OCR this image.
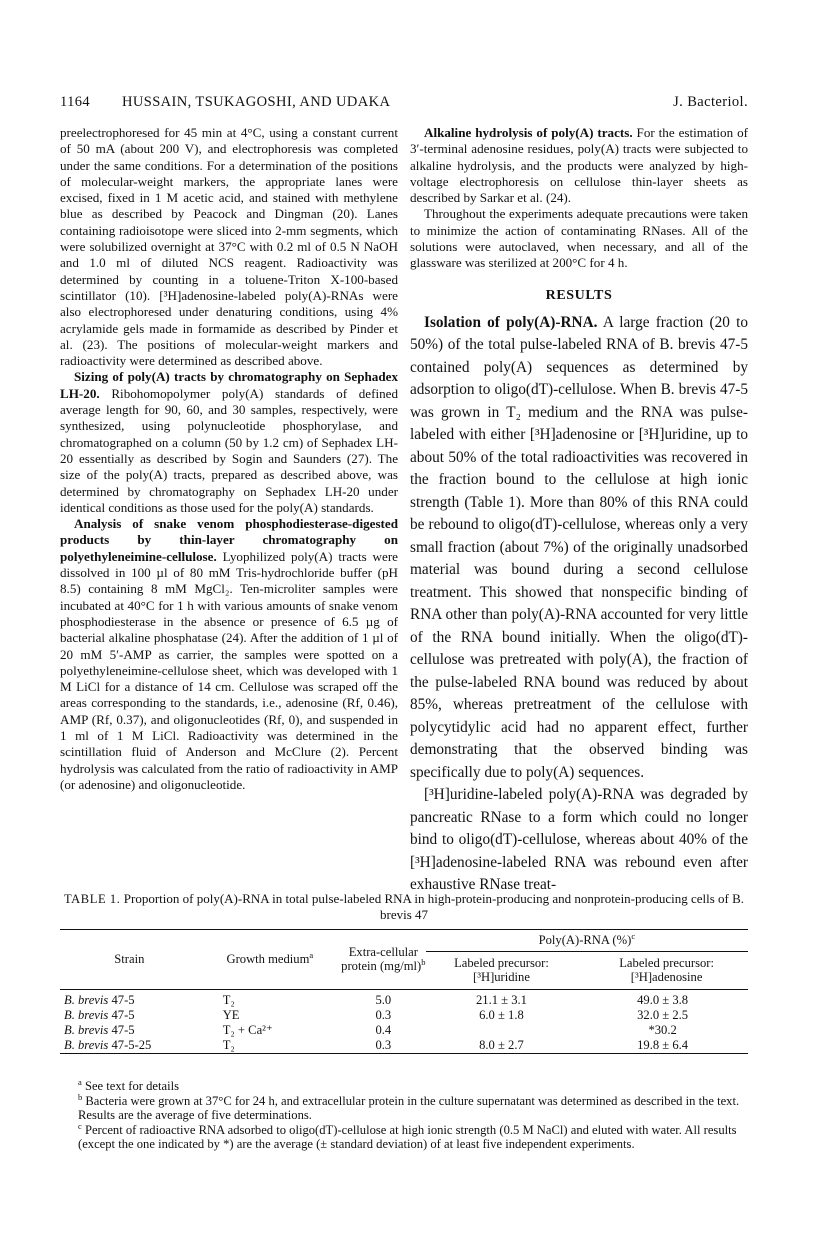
1164 HUSSAIN, TSUKAGOSHI, AND UDAKA	J. Bacteriol.

preelectrophoresed for 45 min at 4°C, using a constant current of 50 mA (about 200 V), and electrophoresis was completed under the same conditions. For a determination of the positions of molecular-weight markers, the appropriate lanes were excised, fixed in 1 M acetic acid, and stained with methylene blue as described by Peacock and Dingman (20). Lanes containing radioisotope were sliced into 2-mm segments, which were solubilized overnight at 37°C with 0.2 ml of 0.5 N NaOH and 1.0 ml of diluted NCS reagent. Radioactivity was determined by counting in a toluene-Triton X-100-based scintillator (10). [³H]adenosine-labeled poly(A)-RNAs were also electrophoresed under denaturing conditions, using 4% acrylamide gels made in formamide as described by Pinder et al. (23). The positions of molecular-weight markers and radioactivity were determined as described above.

Sizing of poly(A) tracts by chromatography on Sephadex LH-20. Ribohomopolymer poly(A) standards of defined average length for 90, 60, and 30 samples, respectively, were synthesized, using polynucleotide phosphorylase, and chromatographed on a column (50 by 1.2 cm) of Sephadex LH-20 essentially as described by Sogin and Saunders (27). The size of the poly(A) tracts, prepared as described above, was determined by chromatography on Sephadex LH-20 under identical conditions as those used for the poly(A) standards.

Analysis of snake venom phosphodiesterase-digested products by thin-layer chromatography on polyethyleneimine-cellulose. Lyophilized poly(A) tracts were dissolved in 100 µl of 80 mM Tris-hydrochloride buffer (pH 8.5) containing 8 mM MgCl₂. Ten-microliter samples were incubated at 40°C for 1 h with various amounts of snake venom phosphodiesterase in the absence or presence of 6.5 µg of bacterial alkaline phosphatase (24). After the addition of 1 µl of 20 mM 5′-AMP as carrier, the samples were spotted on a polyethyleneimine-cellulose sheet, which was developed with 1 M LiCl for a distance of 14 cm. Cellulose was scraped off the areas corresponding to the standards, i.e., adenosine (Rf, 0.46), AMP (Rf, 0.37), and oligonucleotides (Rf, 0), and suspended in 1 ml of 1 M LiCl. Radioactivity was determined in the scintillation fluid of Anderson and McClure (2). Percent hydrolysis was calculated from the ratio of radioactivity in AMP (or adenosine) and oligonucleotide.

Alkaline hydrolysis of poly(A) tracts. For the estimation of 3′-terminal adenosine residues, poly(A) tracts were subjected to alkaline hydrolysis, and the products were analyzed by high-voltage electrophoresis on cellulose thin-layer sheets as described by Sarkar et al. (24).

Throughout the experiments adequate precautions were taken to minimize the action of contaminating RNases. All of the solutions were autoclaved, when necessary, and all of the glassware was sterilized at 200°C for 4 h.

RESULTS

Isolation of poly(A)-RNA. A large fraction (20 to 50%) of the total pulse-labeled RNA of B. brevis 47-5 contained poly(A) sequences as determined by adsorption to oligo(dT)-cellulose. When B. brevis 47-5 was grown in T₂ medium and the RNA was pulse-labeled with either [³H]adenosine or [³H]uridine, up to about 50% of the total radioactivities was recovered in the fraction bound to the cellulose at high ionic strength (Table 1). More than 80% of this RNA could be rebound to oligo(dT)-cellulose, whereas only a very small fraction (about 7%) of the originally unadsorbed material was bound during a second cellulose treatment. This showed that nonspecific binding of RNA other than poly(A)-RNA accounted for very little of the RNA bound initially. When the oligo(dT)-cellulose was pretreated with poly(A), the fraction of the pulse-labeled RNA bound was reduced by about 85%, whereas pretreatment of the cellulose with polycytidylic acid had no apparent effect, further demonstrating that the observed binding was specifically due to poly(A) sequences.

[³H]uridine-labeled poly(A)-RNA was degraded by pancreatic RNase to a form which could no longer bind to oligo(dT)-cellulose, whereas about 40% of the [³H]adenosine-labeled RNA was rebound even after exhaustive RNase treat-

TABLE 1. Proportion of poly(A)-RNA in total pulse-labeled RNA in high-protein-producing and nonprotein-producing cells of B. brevis 47
Strain	Growth medium$^a$	Extra-cellular protein $(mg/ml)^b$	Poly(A)-RNA (%)$^c$
			Labeled precursor: [³H]uridine	Labeled precursor: [³H]adenosine

B. brevis 47-5	T₂	5.0	21.1 ± 3.1	49.0 ± 3.8
B. brevis 47-5	YE	0.3	6.0 ± 1.8	32.0 ± 2.5
B. brevis 47-5	T₂ + Ca²⁺	0.4		*30.2
B. brevis 47-5-25	T₂	0.3	8.0 ± 2.7	19.8 ± 6.4

$^a$ See text for details

$^b$ Bacteria were grown at 37°C for 24 h, and extracellular protein in the culture supernatant was determined as described in the text. Results are the average of five determinations.

$^c$ Percent of radioactive RNA adsorbed to oligo(dT)-cellulose at high ionic strength (0.5 M NaCl) and eluted with water. All results (except the one indicated by *) are the average (± standard deviation) of at least five independent experiments.
